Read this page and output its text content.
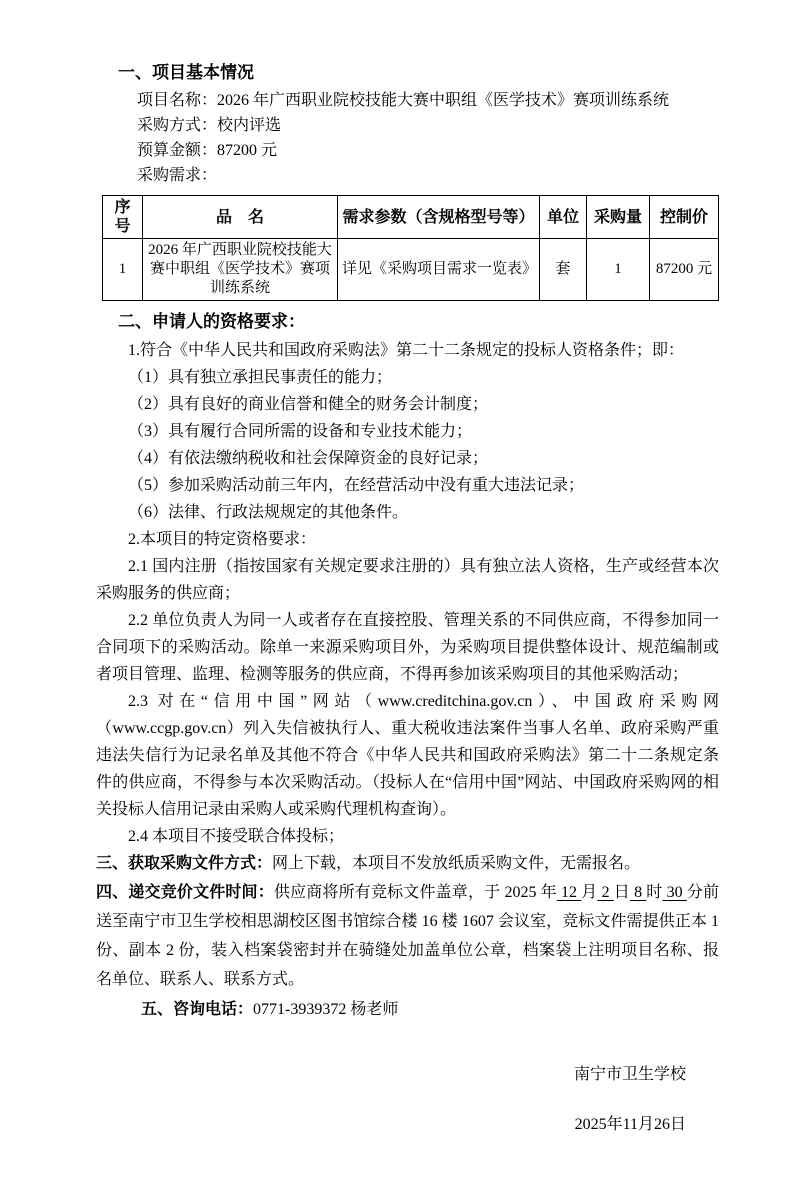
一、项目基本情况

项目名称：2026 年广西职业院校技能大赛中职组《医学技术》赛项训练系统

采购方式：校内评选

预算金额：87200 元

采购需求：

序号	品　名	需求参数（含规格型号等）	单位	采购量	控制价
1	2026 年广西职业院校技能大赛中职组《医学技术》赛项训练系统	详见《采购项目需求一览表》	套	1	87200 元
二、申请人的资格要求：

1.符合《中华人民共和国政府采购法》第二十二条规定的投标人资格条件；即：

（1）具有独立承担民事责任的能力；

（2）具有良好的商业信誉和健全的财务会计制度；

（3）具有履行合同所需的设备和专业技术能力；

（4）有依法缴纳税收和社会保障资金的良好记录；

（5）参加采购活动前三年内，在经营活动中没有重大违法记录；

（6）法律、行政法规规定的其他条件。

2.本项目的特定资格要求：

2.1 国内注册（指按国家有关规定要求注册的）具有独立法人资格，生产或经营本次采购服务的供应商；

2.2 单位负责人为同一人或者存在直接控股、管理关系的不同供应商，不得参加同一合同项下的采购活动。除单一来源采购项目外，为采购项目提供整体设计、规范编制或者项目管理、监理、检测等服务的供应商，不得再参加该采购项目的其他采购活动；

2.3 对在“信用中国”网站（www.creditchina.gov.cn）、中国政府采购网（www.ccgp.gov.cn）列入失信被执行人、重大税收违法案件当事人名单、政府采购严重违法失信行为记录名单及其他不符合《中华人民共和国政府采购法》第二十二条规定条件的供应商，不得参与本次采购活动。（投标人在“信用中国”网站、中国政府采购网的相关投标人信用记录由采购人或采购代理机构查询）。

2.4 本项目不接受联合体投标；

三、获取采购文件方式：网上下载，本项目不发放纸质采购文件，无需报名。

四、递交竞价文件时间：供应商将所有竞标文件盖章，于 2025 年 12 月 2 日 8 时 30 分前送至南宁市卫生学校相思湖校区图书馆综合楼 16 楼 1607 会议室，竞标文件需提供正本 1 份、副本 2 份，装入档案袋密封并在骑缝处加盖单位公章，档案袋上注明项目名称、报名单位、联系人、联系方式。

五、咨询电话：0771-3939372 杨老师

南宁市卫生学校

2025年11月26日
